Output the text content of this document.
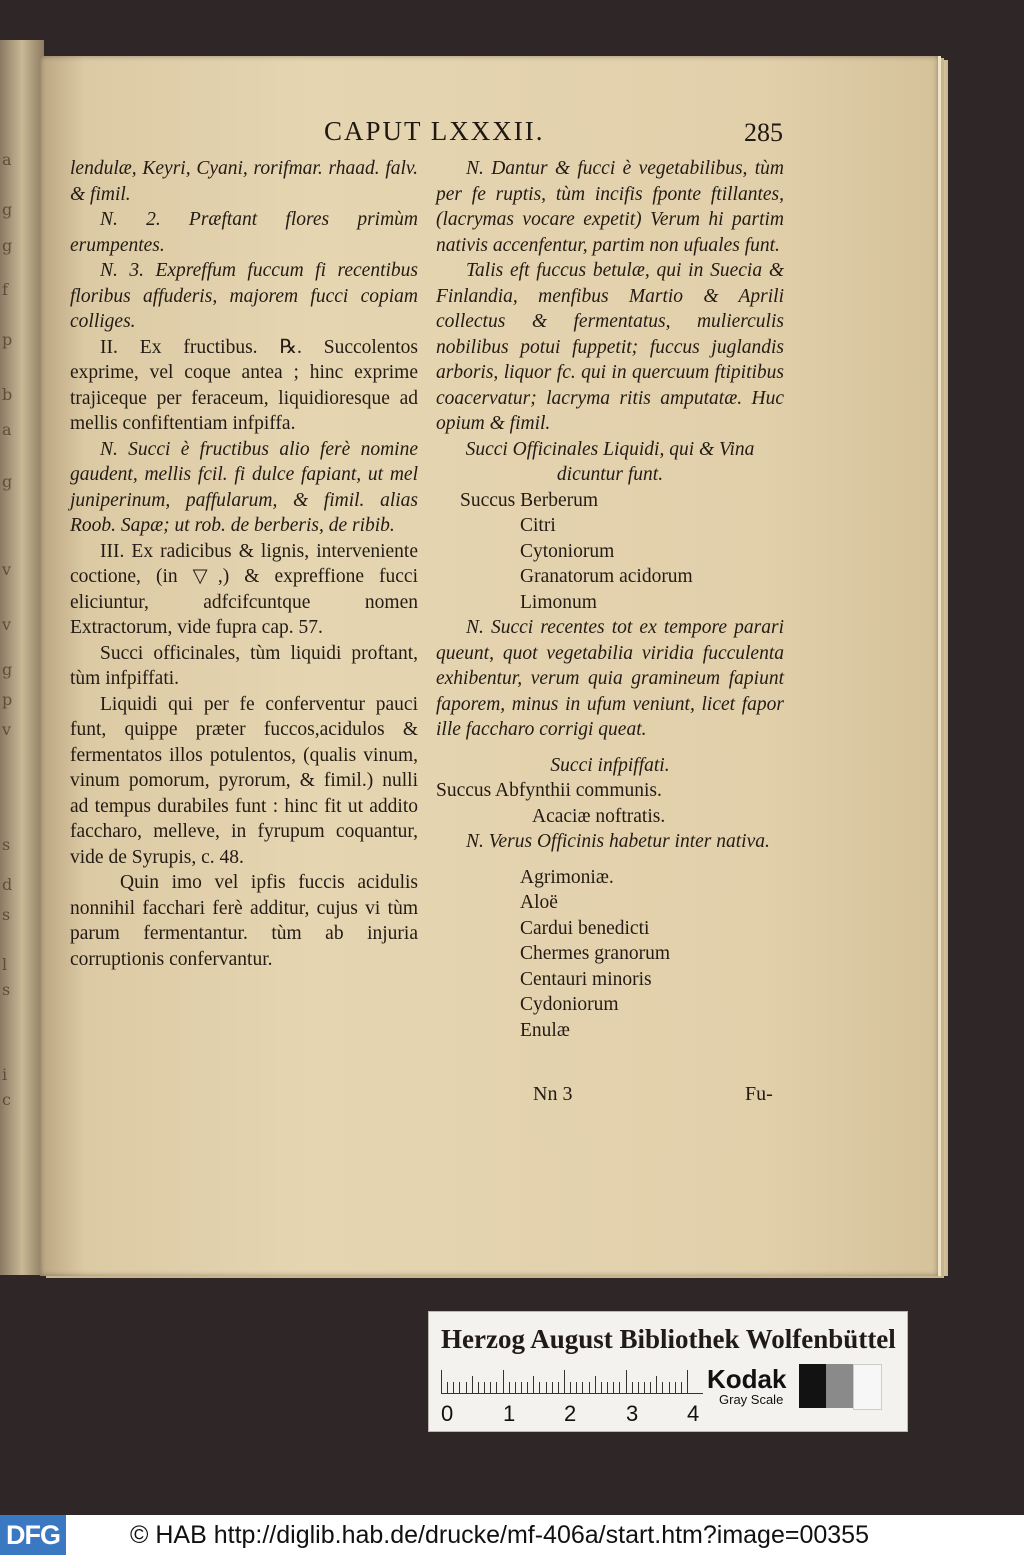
a
g
g
f
p
b
a
g
v
v
g
p
v
s
d
s
l
s
i
c
CAPUT LXXXII.	285

lendulæ, Keyri, Cyani, rorifmar. rhaad. falv. & fimil.

N. 2. Præftant flores primùm erumpentes.

N. 3. Expreffum fuccum fi recentibus floribus affuderis, majorem fucci copiam colliges.

II. Ex fructibus. ℞. Succolentos exprime, vel coque antea ; hinc exprime trajiceque per feraceum, liquidioresque ad mellis confiftentiam infpiffa.

N. Succi è fructibus alio ferè nomine gaudent, mellis fcil. fi dulce fapiant, ut mel juniperinum, paffularum, & fimil. alias Roob. Sapæ; ut rob. de berberis, de ribib.

III. Ex radicibus & lignis, interveniente coctione, (in ▽,) & expreffione fucci eliciuntur, adfcifcuntque nomen Extractorum, vide fupra cap. 57.

Succi officinales, tùm liquidi proftant, tùm infpiffati.

Liquidi qui per fe conferventur pauci funt, quippe præter fuccos,acidulos & fermentatos illos potulentos, (qualis vinum, vinum pomorum, pyrorum, & fimil.) nulli ad tempus durabiles funt : hinc fit ut addito faccharo, melleve, in fyrupum coquantur, vide de Syrupis, c. 48.

Quin imo vel ipfis fuccis acidulis nonnihil facchari ferè additur, cujus vi tùm parum fermentantur. tùm ab injuria corruptionis confervantur.

N. Dantur & fucci è vegetabilibus, tùm per fe ruptis, tùm incifis fponte ftillantes, (lacrymas vocare expetit) Verum hi partim nativis accenfentur, partim non ufuales funt.

Talis eft fuccus betulæ, qui in Suecia & Finlandia, menfibus Martio & Aprili collectus & fermentatus, mulierculis nobilibus potui fuppetit; fuccus juglandis arboris, liquor fc. qui in quercuum ftipitibus coacervatur; lacryma ritis amputatæ. Huc opium & fimil.

Succi Officinales Liquidi, qui & Vina dicuntur funt.

Succus Berberum
Citri
Cytoniorum
Granatorum acidorum
Limonum

N. Succi recentes tot ex tempore parari queunt, quot vegetabilia viridia fucculenta exhibentur, verum quia gramineum fapiunt faporem, minus in ufum veniunt, licet fapor ille faccharo corrigi queat.

Succi infpiffati.

Succus Abfynthii communis.
Acaciæ noftratis.

N. Verus Officinis habetur inter nativa.

Agrimoniæ.
Aloë
Cardui benedicti
Chermes granorum
Centauri minoris
Cydoniorum
Enulæ
Nn 3	Fu-
Herzog August Bibliothek Wolfenbüttel
0 1 2 3 4
Kodak
Gray Scale
DFG	© HAB http://diglib.hab.de/drucke/mf-406a/start.htm?image=00355
